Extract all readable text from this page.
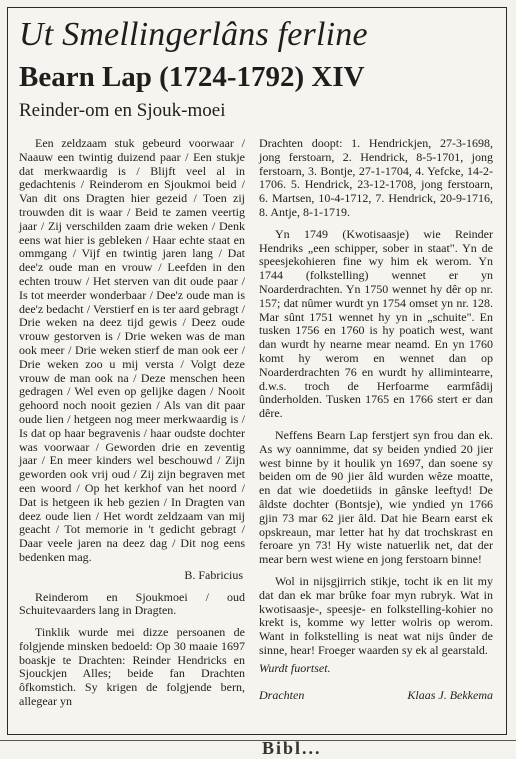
Ut Smellingerlâns ferline
Bearn Lap (1724-1792) XIV
Reinder-om en Sjouk-moei

Een zeldzaam stuk gebeurd voorwaar / Naauw een twintig duizend paar / Een stukje dat merkwaardig is / Blijft veel al in gedachtenis / Reinderom en Sjoukmoi beid / Van dit ons Dragten hier gezeid / Toen zij trouwden dit is waar / Beid te zamen veertig jaar / Zij verschilden zaam drie weken / Denk eens wat hier is gebleken / Haar echte staat en ommgang / Vijf en twintig jaren lang / Dat dee'z oude man en vrouw / Leefden in den echten trouw / Het sterven van dit oude paar / Is tot meerder wonderbaar / Dee'z oude man is dee'z bedacht / Verstierf en is ter aard gebragt / Drie weken na deez tijd gewis / Deez oude vrouw gestorven is / Drie weken was de man ook meer / Drie weken stierf de man ook eer / Drie weken zoo u mij versta / Volgt deze vrouw de man ook na / Deze menschen heen gedragen / Wel even op gelijke dagen / Nooit gehoord noch nooit gezien / Als van dit paar oude lien / hetgeen nog meer merkwaardig is / Is dat op haar begravenis / haar oudste dochter was voorwaar / Geworden drie en zeventig jaar / En meer kinders wel beschouwd / Zijn geworden ook vrij oud / Zij zijn begraven met een woord / Op het kerkhof van het noord / Dat is hetgeen ik heb gezien / In Dragten van deez oude lien / Het wordt zeldzaam van mij geacht / Tot memorie in 't gedicht gebragt / Daar veele jaren na deez dag / Dit nog eens bedenken mag.

B. Fabricius

Reinderom en Sjoukmoei / oud Schuitevaarders lang in Dragten.

Tinklik wurde mei dizze persoanen de folgjende minsken bedoeld: Op 30 maaie 1697 boaskje te Drachten: Reinder Hendricks en Sjouckjen Alles; beide fan Drachten ôfkomstich. Sy krigen de folgjende bern, allegear yn

Drachten doopt: 1. Hendrickjen, 27-3-1698, jong ferstoarn, 2. Hendrick, 8-5-1701, jong ferstoarn, 3. Bontje, 27-1-1704, 4. Yefcke, 14-2-1706. 5. Hendrick, 23-12-1708, jong ferstoarn, 6. Martsen, 10-4-1712, 7. Hendrick, 20-9-1716, 8. Antje, 8-1-1719.

Yn 1749 (Kwotisaasje) wie Reinder Hendriks „een schipper, sober in staat". Yn de speesjekohieren fine wy him ek werom. Yn 1744 (folkstelling) wennet er yn Noarderdrachten. Yn 1750 wennet hy dêr op nr. 157; dat nûmer wurdt yn 1754 omset yn nr. 128. Mar sûnt 1751 wennet hy yn in „schuite". En tusken 1756 en 1760 is hy poatich west, want dan wurdt hy nearne mear neamd. En yn 1760 komt hy werom en wennet dan op Noarderdrachten 76 en wurdt hy allimintearre, d.w.s. troch de Herfoarme earmfâdij ûnderholden. Tusken 1765 en 1766 stert er dan dêre.

Neffens Bearn Lap ferstjert syn frou dan ek. As wy oannimme, dat sy beiden yndied 20 jier west binne by it houlik yn 1697, dan soene sy beiden om de 90 jier âld wurden wêze moatte, en dat wie doedetiids in gânske leeftyd! De âldste dochter (Bontsje), wie yndied yn 1766 gjin 73 mar 62 jier âld. Dat hie Bearn earst ek opskreaun, mar letter hat hy dat trochskrast en feroare yn 73! Hy wiste natuerlik net, dat der mear bern west wiene en jong ferstoarn binne!

Wol in nijsgjirrich stikje, tocht ik en lit my dat dan ek mar brûke foar myn rubryk. Wat in kwotisaasje-, speesje- en folkstelling-kohier no krekt is, komme wy letter wolris op werom. Want in folkstelling is neat wat nijs ûnder de sinne, hear! Froeger waarden sy ek al gearstald.

Wurdt fuortset.

Drachten	Klaas J. Bekkema
Bibl...
